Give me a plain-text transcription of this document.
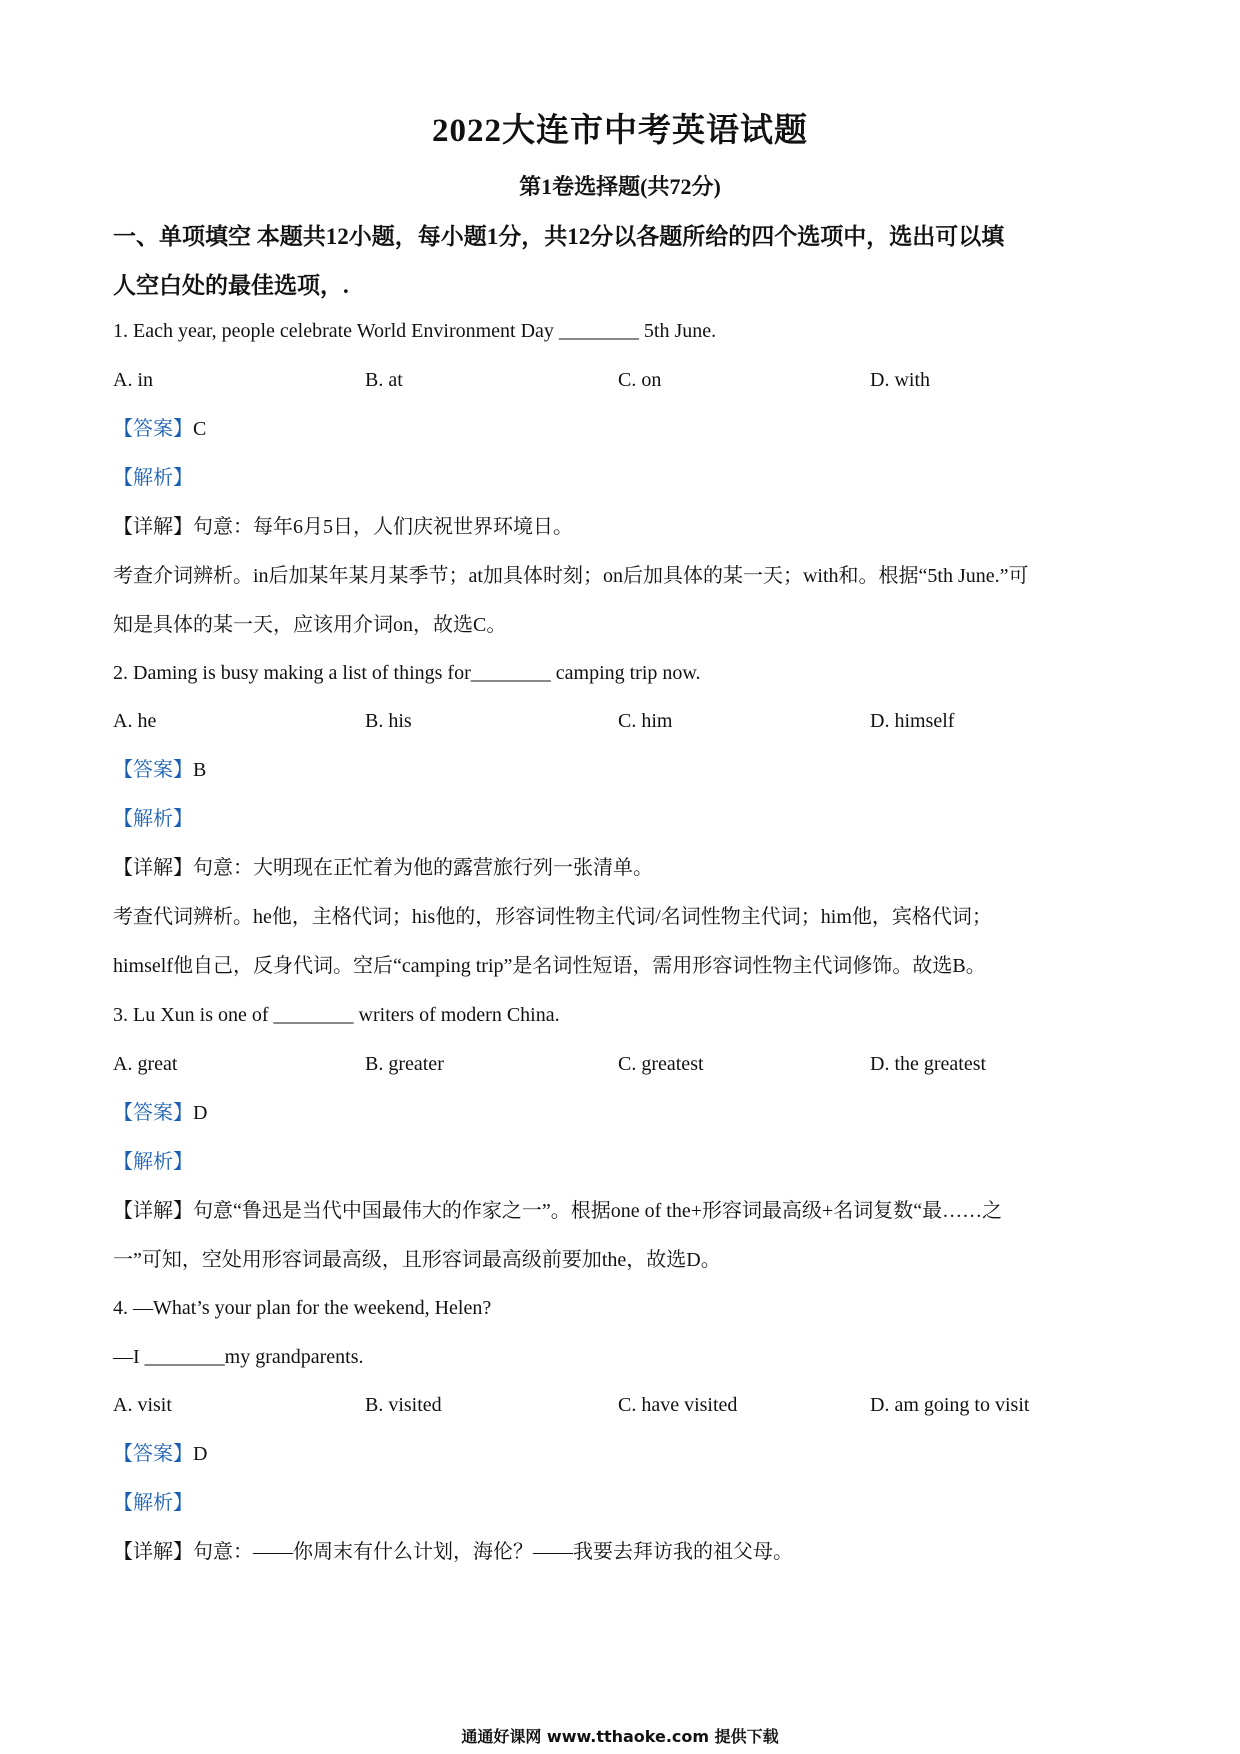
2022大连市中考英语试题
第1卷选择题(共72分)
一、单项填空 本题共12小题，每小题1分，共12分以各题所给的四个选项中，选出可以填
人空白处的最佳选项，.
1. Each year, people celebrate World Environment Day ________ 5th June.
A. in	B. at	C. on	D. with
【答案】C
【解析】
【详解】句意：每年6月5日，人们庆祝世界环境日。
考查介词辨析。in后加某年某月某季节；at加具体时刻；on后加具体的某一天；with和。根据“5th June.”可
知是具体的某一天，应该用介词on，故选C。
2. Daming is busy making a list of things for________ camping trip now.
A. he	B. his	C. him	D. himself
【答案】B
【解析】
【详解】句意：大明现在正忙着为他的露营旅行列一张清单。
考查代词辨析。he他，主格代词；his他的，形容词性物主代词/名词性物主代词；him他，宾格代词；
himself他自己，反身代词。空后“camping trip”是名词性短语，需用形容词性物主代词修饰。故选B。
3. Lu Xun is one of ________ writers of modern China.
A. great	B. greater	C. greatest	D. the greatest
【答案】D
【解析】
【详解】句意“鲁迅是当代中国最伟大的作家之一”。根据one of the+形容词最高级+名词复数“最……之
一”可知，空处用形容词最高级，且形容词最高级前要加the，故选D。
4. —What’s your plan for the weekend, Helen?
—I ________my grandparents.
A. visit	B. visited	C. have visited	D. am going to visit
【答案】D
【解析】
【详解】句意：——你周末有什么计划，海伦？——我要去拜访我的祖父母。
通通好课网 www.tthaoke.com 提供下载
